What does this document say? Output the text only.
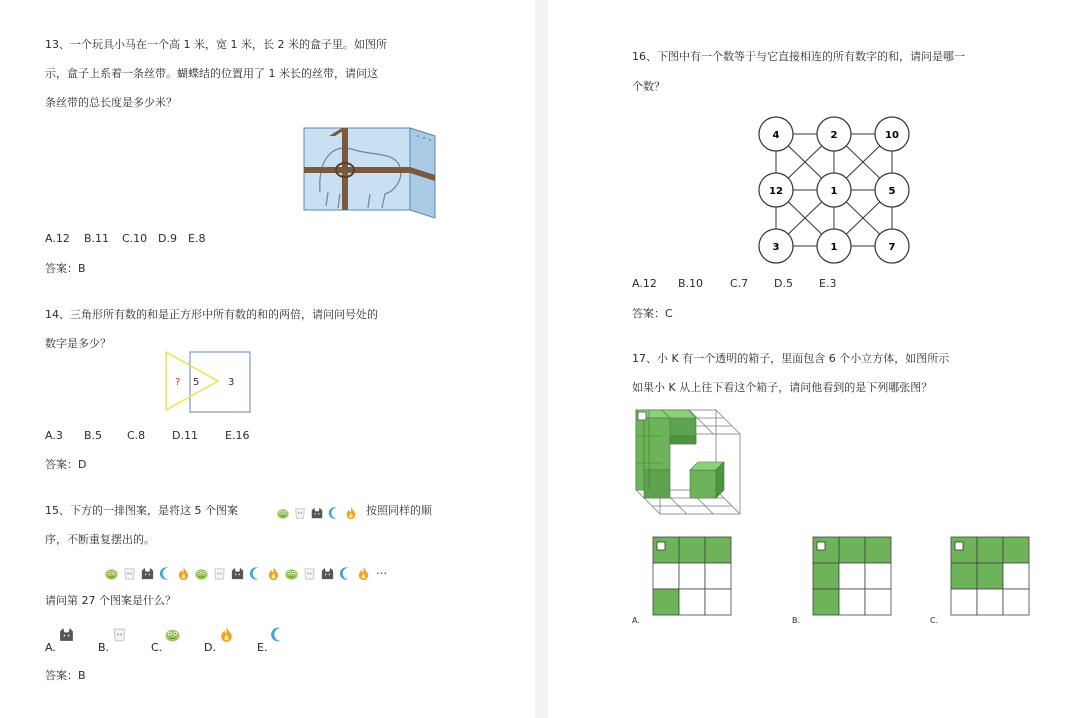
13、一个玩具小马在一个高 1 米，宽 1 米，长 2 米的盒子里。如图所
示，盒子上系着一条丝带。蝴蝶结的位置用了 1 米长的丝带，请问这
条丝带的总长度是多少米？
A.12 B.11 C.10 D.9 E.8
答案：B
14、三角形所有数的和是正方形中所有数的和的两倍，请问问号处的
数字是多少？
? 5	3
A.3 B.5 C.8 D.11 E.16
答案：D
15、下方的一排图案，是将这 5 个图案	按照同样的顺
序，不断重复摆出的。
…
请问第 27 个图案是什么？
$_{A.}$	$_{B.}$	$_{C.}$	$_{D.}$	$_{E.}$
答案：B
16、下图中有一个数等于与它直接相连的所有数字的和，请问是哪一
个数？
4	2	10
12	1	5
3	1	7
A.12 B.10 C.7 D.5 E.3
答案：C
17、小 K 有一个透明的箱子，里面包含 6 个小立方体，如图所示
如果小 K 从上往下看这个箱子，请问他看到的是下列哪张图？
A.	B.	C.
